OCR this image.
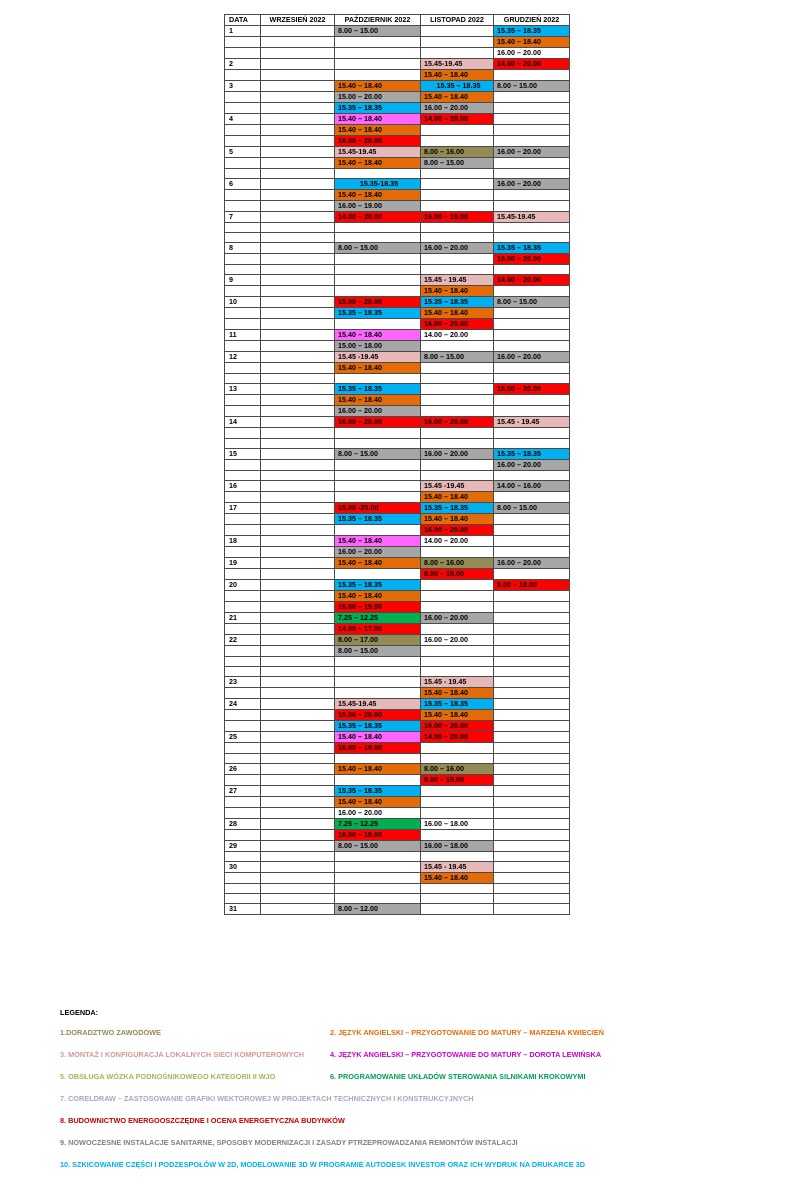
DATA	WRZESIEŃ 2022	PAŹDZIERNIK 2022	LISTOPAD 2022	GRUDZIEŃ 2022
1		8.00 – 15.00		15.35 – 18.35
				15.40 – 18.40
				16.00 – 20.00
2			15.45-19.45	14.00 – 20.00
			15.40 – 18.40	
3		15.40 – 18.40	15.35 – 18.35	8.00 – 15.00
		15.00 – 20.00	15.40 – 18.40	
		15.35 – 18.35	16.00 – 20.00	
4		15.40 – 18.40	14.00 – 20.00	
		15.40 – 18.40		
		16.00 – 20.00		
5		15.45-19.45	8.00 – 16.00	16.00 – 20.00
		15.40 – 18.40	8.00 – 15.00	

6		15.35-18.35		16.00 – 20.00
		15.40 – 18.40		
		16.00 – 19.00		
7		14.00 – 20.00	16.00 – 19.00	15.45-19.45

8		8.00 – 15.00	16.00 – 20.00	15.35 – 18.35
				16.00 – 20.00

9			15.45 - 19.45	14.00 – 20.00
			15.40 – 18.40	
10		15.00 – 20.00	15.35 – 18.35	8.00 – 15.00
		15.35 – 18.35	15.40 – 18.40	
			16.00 – 20.00	
11		15.40 – 18.40	14.00 – 20.00	
		15.00 – 18.00		
12		15.45 -19.45	8.00 – 15.00	16.00 – 20.00
		15.40 – 18.40		

13		15.35 – 18.35		16.00 – 20.00
		15.40 – 18.40		
		16.00 – 20.00		
14		16.00 – 20.00	16.00 – 20.00	15.45 - 19.45

15		8.00 – 15.00	16.00 – 20.00	15.35 – 18.35
				16.00 – 20.00

16			15.45 -19.45	14.00 – 16.00
			15.40 – 18.40	
17		15.00 -20.00	15.35 – 18.35	8.00 – 15.00
		15.35 – 18.35	15.40 – 18.40	
			16.00 – 20.00	
18		15.40 – 18.40	14.00 – 20.00	
		16.00 – 20.00		
19		15.40 – 18.40	8.00 – 16.00	16.00 – 20.00
			8.00 – 15.00	
20		15.35 – 18.35		8.00 – 18.00
		15.40 – 18.40		
		16.00 – 19.00		
21		7.25 – 12.25	16.00 – 20.00	
		14.00 – 17.00		
22		8.00 – 17.00	16.00 – 20.00	
		8.00 – 15.00		

23			15.45 - 19.45	
			15.40 – 18.40	
24		15.45-19.45	15.35 – 18.35	
		15.00 – 20.00	15.40 – 18.40	
		15.35 – 18.35	16.00 – 20.00	
25		15.40 – 18.40	14.00 – 20.00	
		16.00 – 19.00		

26		15.40 – 18.40	8.00 – 16.00	
			8.00 – 15.00	
27		15.35 – 18.35		
		15.40 – 18.40		
		16.00 – 20.00		
28		7.25 – 12.25	16.00 – 18.00	
		16.00 – 19.00		
29		8.00 – 15.00	16.00 – 18.00	

30			15.45 - 19.45	
			15.40 – 18.40	

31		8.00 – 12.00		
LEGENDA:
1.DORADZTWO ZAWODOWE	2. JĘZYK ANGIELSKI – PRZYGOTOWANIE DO MATURY – MARZENA KWIECIEŃ
3. MONTAŻ I KONFIGURACJA LOKALNYCH SIECI KOMPUTEROWYCH	4. JĘZYK ANGIELSKI – PRZYGOTOWANIE DO MATURY – DOROTA LEWIŃSKA
5. OBSŁUGA WÓZKA PODNOŚNIKOWEGO KATEGORII II WJO	6. PROGRAMOWANIE UKŁADÓW STEROWANIA SILNIKAMI KROKOWYMI
7. CORELDRAW – ZASTOSOWANIE GRAFIKI WEKTOROWEJ W PROJEKTACH TECHNICZNYCH I KONSTRUKCYJNYCH
8. BUDOWNICTWO ENERGOOSZCZĘDNE I OCENA ENERGETYCZNA BUDYNKÓW
9. NOWOCZESNE INSTALACJE SANITARNE, SPOSOBY MODERNIZACJI I ZASADY PTRZEPROWADZANIA REMONTÓW INSTALACJI
10. SZKICOWANIE CZĘŚCI I PODZESPOŁÓW W 2D, MODELOWANIE 3D W PROGRAMIE AUTODESK INVESTOR ORAZ ICH WYDRUK NA DRUKARCE 3D
